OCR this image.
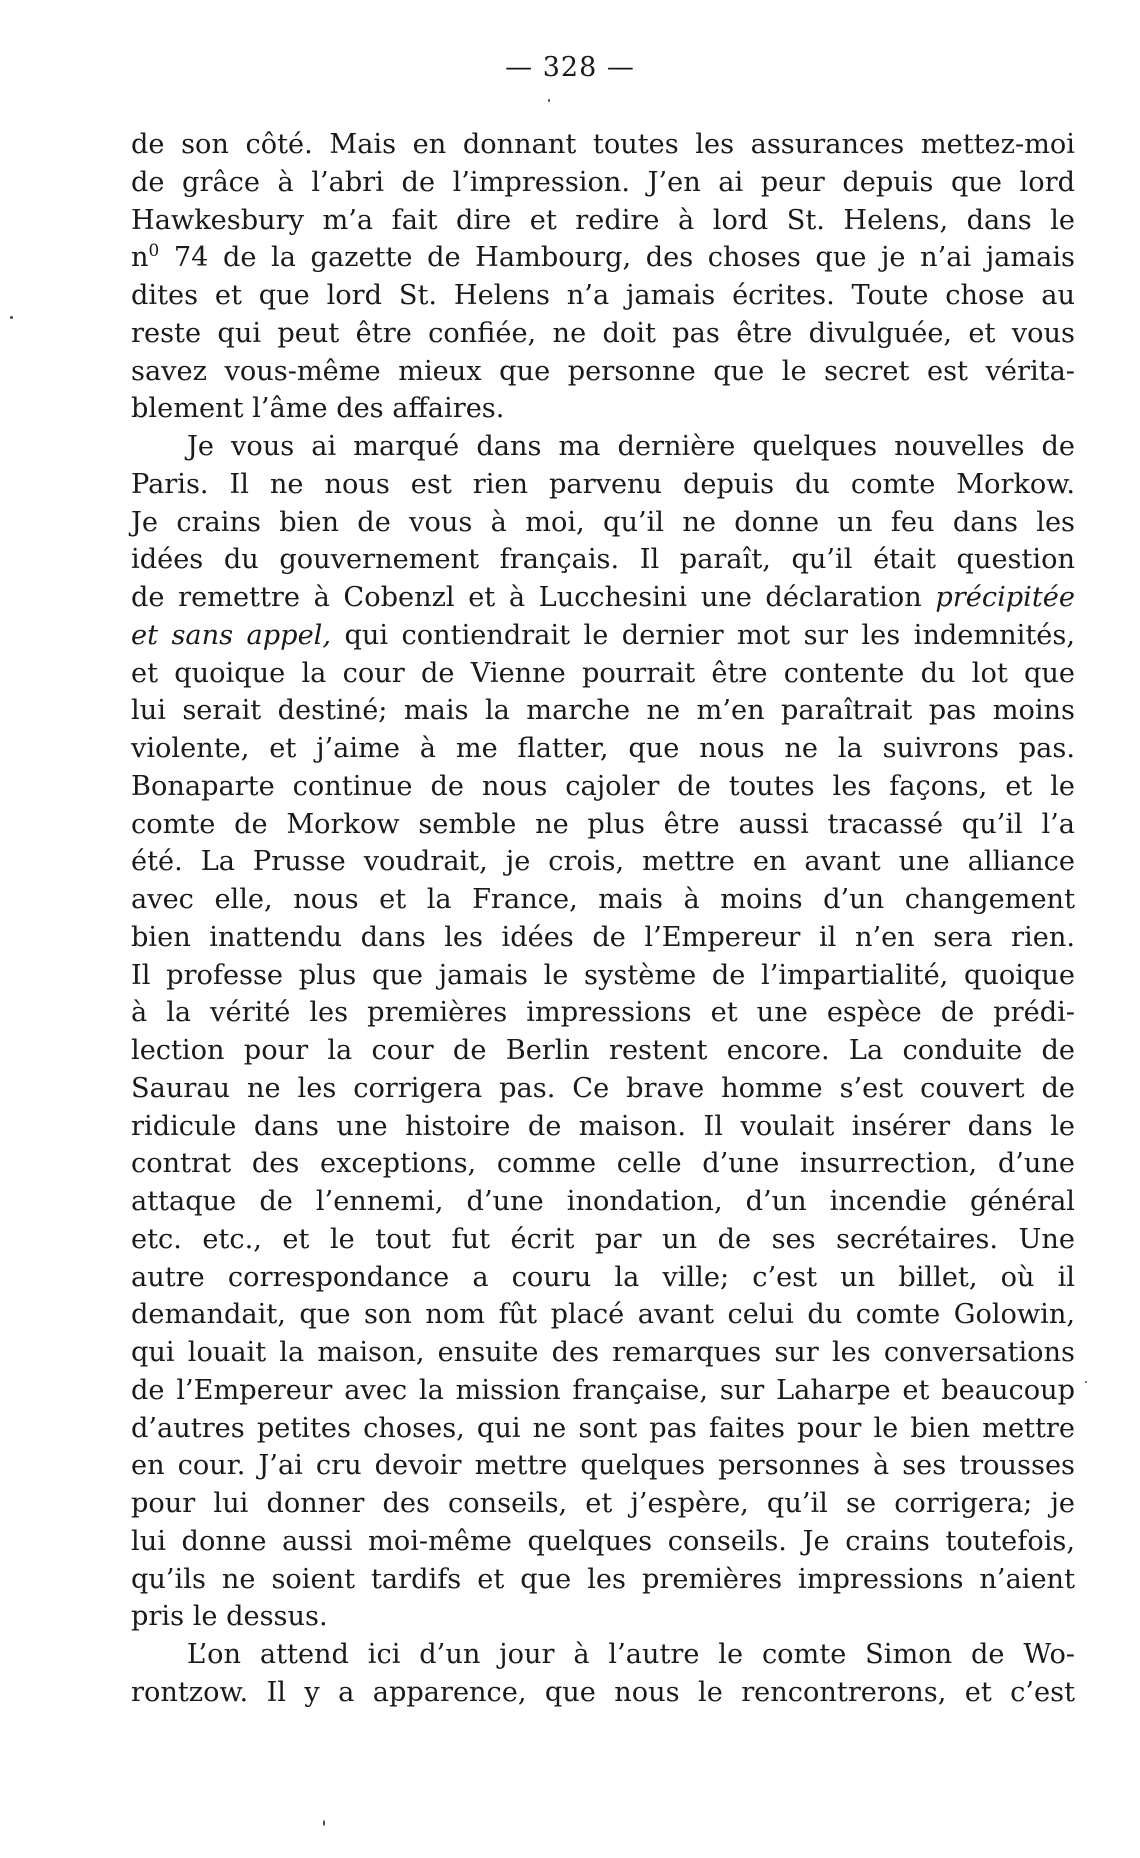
— 328 —
de son côté. Mais en donnant toutes les assurances mettez-moi
de grâce à l’abri de l’impression. J’en ai peur depuis que lord
Hawkesbury m’a fait dire et redire à lord St. Helens, dans le
$n^0$ 74 de la gazette de Hambourg, des choses que je n’ai jamais
dites et que lord St. Helens n’a jamais écrites. Toute chose au
reste qui peut être confiée, ne doit pas être divulguée, et vous
savez vous-même mieux que personne que le secret est vérita-
blement l’âme des affaires.
Je vous ai marqué dans ma dernière quelques nouvelles de
Paris. Il ne nous est rien parvenu depuis du comte Morkow.
Je crains bien de vous à moi, qu’il ne donne un feu dans les
idées du gouvernement français. Il paraît, qu’il était question
de remettre à Cobenzl et à Lucchesini une déclaration précipitée
et sans appel, qui contiendrait le dernier mot sur les indemnités,
et quoique la cour de Vienne pourrait être contente du lot que
lui serait destiné; mais la marche ne m’en paraîtrait pas moins
violente, et j’aime à me flatter, que nous ne la suivrons pas.
Bonaparte continue de nous cajoler de toutes les façons, et le
comte de Morkow semble ne plus être aussi tracassé qu’il l’a
été. La Prusse voudrait, je crois, mettre en avant une alliance
avec elle, nous et la France, mais à moins d’un changement
bien inattendu dans les idées de l’Empereur il n’en sera rien.
Il professe plus que jamais le système de l’impartialité, quoique
à la vérité les premières impressions et une espèce de prédi-
lection pour la cour de Berlin restent encore. La conduite de
Saurau ne les corrigera pas. Ce brave homme s’est couvert de
ridicule dans une histoire de maison. Il voulait insérer dans le
contrat des exceptions, comme celle d’une insurrection, d’une
attaque de l’ennemi, d’une inondation, d’un incendie général
etc. etc., et le tout fut écrit par un de ses secrétaires. Une
autre correspondance a couru la ville; c’est un billet, où il
demandait, que son nom fût placé avant celui du comte Golowin,
qui louait la maison, ensuite des remarques sur les conversations
de l’Empereur avec la mission française, sur Laharpe et beaucoup
d’autres petites choses, qui ne sont pas faites pour le bien mettre
en cour. J’ai cru devoir mettre quelques personnes à ses trousses
pour lui donner des conseils, et j’espère, qu’il se corrigera; je
lui donne aussi moi-même quelques conseils. Je crains toutefois,
qu’ils ne soient tardifs et que les premières impressions n’aient
pris le dessus.
L’on attend ici d’un jour à l’autre le comte Simon de Wo-
rontzow. Il y a apparence, que nous le rencontrerons, et c’est
